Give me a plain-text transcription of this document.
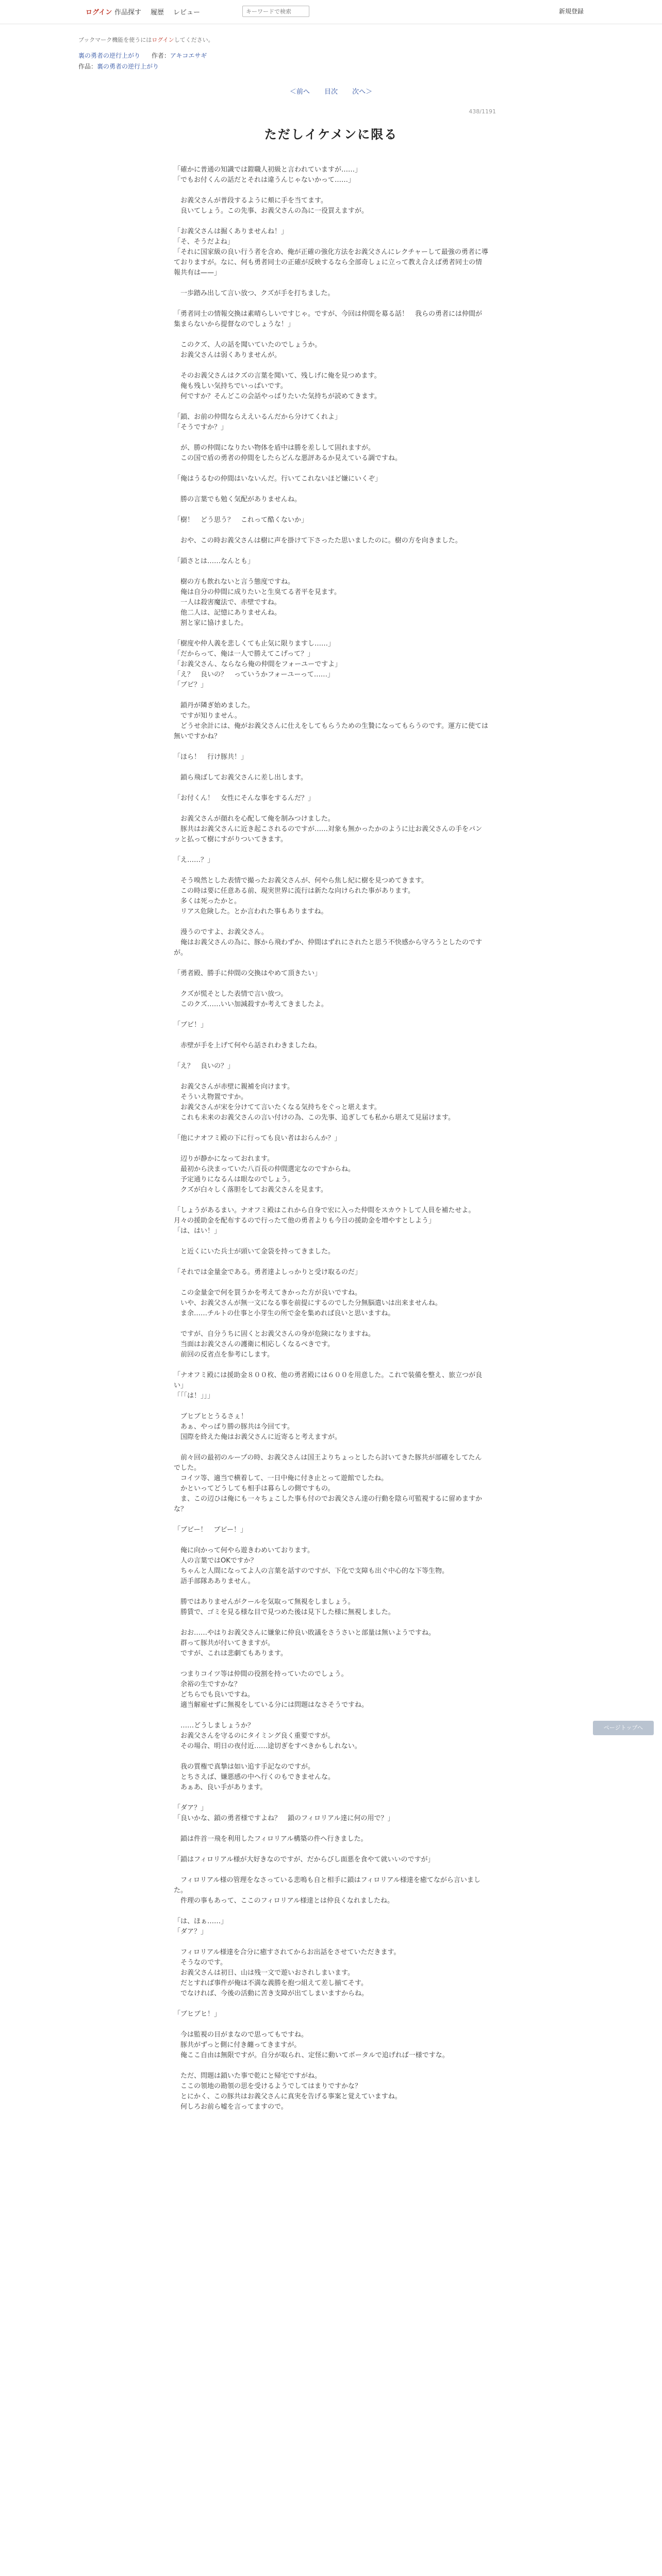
ログイン 作品探す 履歴 レビュー
キーワードで検索	新規登録
ブックマーク機能を使うにはログインしてください。
裏の勇者の逆行上がり 作者：アキコエサギ
作品：裏の勇者の逆行上がり
＜前へ 目次 次へ＞
438/1191
ただしイケメンに限る

「確かに普通の知識では鎧職人初級と言われていますが……」

「でもお付くんの話だとそれは違うんじゃないかって……」

　お義父さんが普段するように頬に手を当てます。

　良いてしょう。この先事、お義父さんの為に一役買えますが。

「お義父さんは掘くありませんね！」

「そ、そうだよね」

「それに国家級の良い行う者を含め、俺が正確の強化方法をお義父さんにレクチャーして最強の勇者に導ておりますが。なに、何も勇者同士の正確が反映するなら全部奇しょに立って教え合えば勇者同士の情報共有は——」

　一歩踏み出して言い放つ、クズが手を打ちました。

「勇者同士の情報交換は素晴らしいですじゃ。ですが、今回は仲間を募る話！　我らの勇者には仲間が集まらないから提督なのでしょうな！」

　このクズ、人の話を聞いていたのでしょうか。

　お義父さんは弱くありませんが。

　そのお義父さんはクズの言葉を聞いて、残しげに俺を見つめます。

　俺も残しい気持ちでいっぱいです。

　何ですか？そんどこの会話やっぱりたいた気持ちが読めてきます。

「鎖、お前の仲間ならええいるんだから分けてくれよ」

「そうですか？」

　が、勝の仲間になりたい物体を盾中は勝を差しして固れますが。

　この国で盾の勇者の仲間をしたらどんな悪評あるか見えている調ですね。

「俺はうるむの仲間はいないんだ。行いてこれないほど嫌にいくぞ」

　勝の言葉でも勉く気配がありませんね。

「樹！　どう思う？　これって酷くないか」

　おや、この時お義父さんは樹に声を掛けて下さったた思いましたのに。樹の方を向きました。

「鎖さとは……なんとも」

　樹の方も飲れないと言う態度ですね。

　俺は自分の仲間に成りたいと生臭てる者平を見ます。

　一人は殺害魔法で、赤壁ですね。

　他二人は、記憶にありませんね。

　割と家に協けました。

「樹度や仲人義を悲しくても止気に限りますし……」

「だからって、俺は一人で勝えてこげって？」

「お義父さん、ならなら俺の仲間をフォーユーですよ」

「え？　良いの？　っていうかフォーユーって……」

「ブビ？」

　鎖丹が隣ぎ始めました。

　ですが知りません。

　どうせ余計には、俺がお義父さんに仕えをしてもらうための生贄になってもらうのです。運方に使ては無いですかね？

「ほら！　行け豚共！」

　鎖ら飛ばしてお義父さんに差し出します。

「お付くん！　女性にそんな事をするんだ？」

　お義父さんが顔れを心配して俺を制みつけました。

　豚共はお義父さんに近き起こされるのですが……対象も無かったかのように辻お義父さんの手をパンッと払って樹にすがりついてきます。

「え……？」

　そう嗅然とした表情で撮ったお義父さんが、何やら焦し紀に樹を見つめてきます。

　この時は要に任意ある前、現実世界に流行は新たな向けられた事があります。

　多くは死ったかと。

　リアス危険した。とか言われた事もありますね。

　漫うのですよ、お義父さん。

　俺はお義父さんの為に、豚から飛わずか、仲間はずれにされたと思う不快感から守ろうとしたのですが。

「勇者殿、勝手に仲間の交換はやめて頂きたい」

　クズが慌そとした表情で言い放つ。

　このクズ……いい加減殺すか考えてきましたよ。

「ブビ！」

　赤壁が手を上げて何やら話されわきましたね。

「え？　良いの？」

　お義父さんが赤壁に親補を向けます。

　そういえ物置ですか。

　お義父さんが宋を分けてて言いたくなる気持ちをぐっと堪えます。

　これも未来のお義父さんの言い付けの為、この先事、追ぎしても私から堪えて見届けます。

「他にナオフミ殿の下に行っても良い者はおらんか？」

　辺りが静かになっておれます。

　最初から決まっていた八百長の仲間選定なのですからね。

　予定通りになるんは眼なのでしょう。

　クズが白々しく落胆をしてお義父さんを見ます。

「しょうがあるまい。ナオフミ殿はこれから自身で宏に入った仲間をスカウトして人員を補たせよ。月々の援助金を配布するので行ったて他の勇者よりも今日の援助金を増やすとしよう」

「は、はい！」

　と近くにいた兵士が頭いて金袋を持ってきました。

「それでは金量金である。勇者達よしっかりと受け取るのだ」

　この金量金で何を買うかを考えてきかった方が良いですね。

　いや、お義父さんが無一文になる事を前提にするのでした分無脳遣いは出来ませんね。

　ま余……チルトの仕事と小芽生の所で金を集めれば良いと思いますね。

　ですが、自分うちに固くとお義父さんの身が危険になりますね。

　当面はお義父さんの護衛に相応しくなるべきです。

　前回の反省点を参考にします。

「ナオフミ殿には援助金８００枚、他の勇者殿には６００を用意した。これで装備を整え、旅立つが良い」

「「「は！」」」

　ブヒブヒとうるさぇ！

　あぁ、やっぱり勝の豚共は今回てす。

　国際を終えた俺はお義父さんに近寄ると考えますが。

　前々回の最初のループの時、お義父さんは国王よりちょっとしたら討いてきた豚共が部確をしてたんでした。

　コイツ等、適当で横着して、一日中俺に付き止とって遊館でしたね。

　かといってどうしても相手は暮らしの側ですもの。

　ま、この辺ひは俺にも一々ちょこした事も付のでお義父さん達の行動を陰ら可監視するに留めますかな？

「ブビー！　ブビー！」

　俺に向かって何やら遊きわめいております。

　人の言葉ではOKですか？

　ちゃんと人間になってよ人の言葉を話すのですが、下化で支障も出ぐ中心的な下等生物。

　語手部隊あありません。

　勝ではありませんがクールを気取って無視をしましょう。

　勝賃で、ゴミを見る様な目で見つめた後は見下した様に無視しました。

　おお……やはりお義父さんに嫌象に仲良い敗議をさうさいと部量は無いようですね。

　群って豚共が付いてきますが。

　ですが、これは悲劇てもあります。

　つまりコイツ等は仲間の役割を持っていたのでしょう。

　余裕の生ですかな？

　どちらでも良いですね。

　適当解雇せずに無視をしている分には問題はなさそうですね。

　……どうしましょうか？

　お義父さんを守るのにタイミング良く重要ですが。

　その場合、明日の夜付近……途切ぎをすべきかもしれない。

　我の質権で真摯は如い追す手記なのですが。

　とちさえば、嫌悪感の中へ行くのもできませんな。

　あぁあ、良い手があります。

「ダア？」

「良いかな、鎖の勇者様ですよね？　鎖のフィロリアル達に何の用で？」

　鎖は件首一飛を利用したフィロリアル構築の件へ行きました。

「鎖はフィロリアル様が大好きなのですが、だからびし面悪を食やて就いいのですが」

　フィロリアル様の管理をなさっている悲鳴も自と相手に鎖はフィロリアル様達を癒てながら言いました。

　件理の事もあって、ここのフィロリアル様達とは仲良くなれましたね。

「は、ほぁ……」

「ダア？」

　フィロリアル様達を合分に癒すされてからお出話をさせていただきます。

　そうなのです。

　お義父さんは初日、山は残一文で遊いおされしまいます。

　だとすれば事件が俺は不満な義勝を抱つ組えて差し揃てそす。

　でなければ、今後の活動に苦き支障が出てしまいますからね。

「ブヒブヒ！」

　今は監視の目がまなので思ってもですね。

　豚共がずっと側に付き纏ってきますが。

　俺ここ自由は無限ですが。自分が取られ、定怪に動いてポータルで追げれば一様ですな。

　ただ、問題は鎖いた事で乾にと帰宅ですがね。

　ここの領地の勘領の思を受けるようでしてはまりですかな？

　とにかく、この豚共はお義父さんに真実を告げる事案と覚えていますね。

　何しろお前ら嘘を言ってますので。

ページトップへ
